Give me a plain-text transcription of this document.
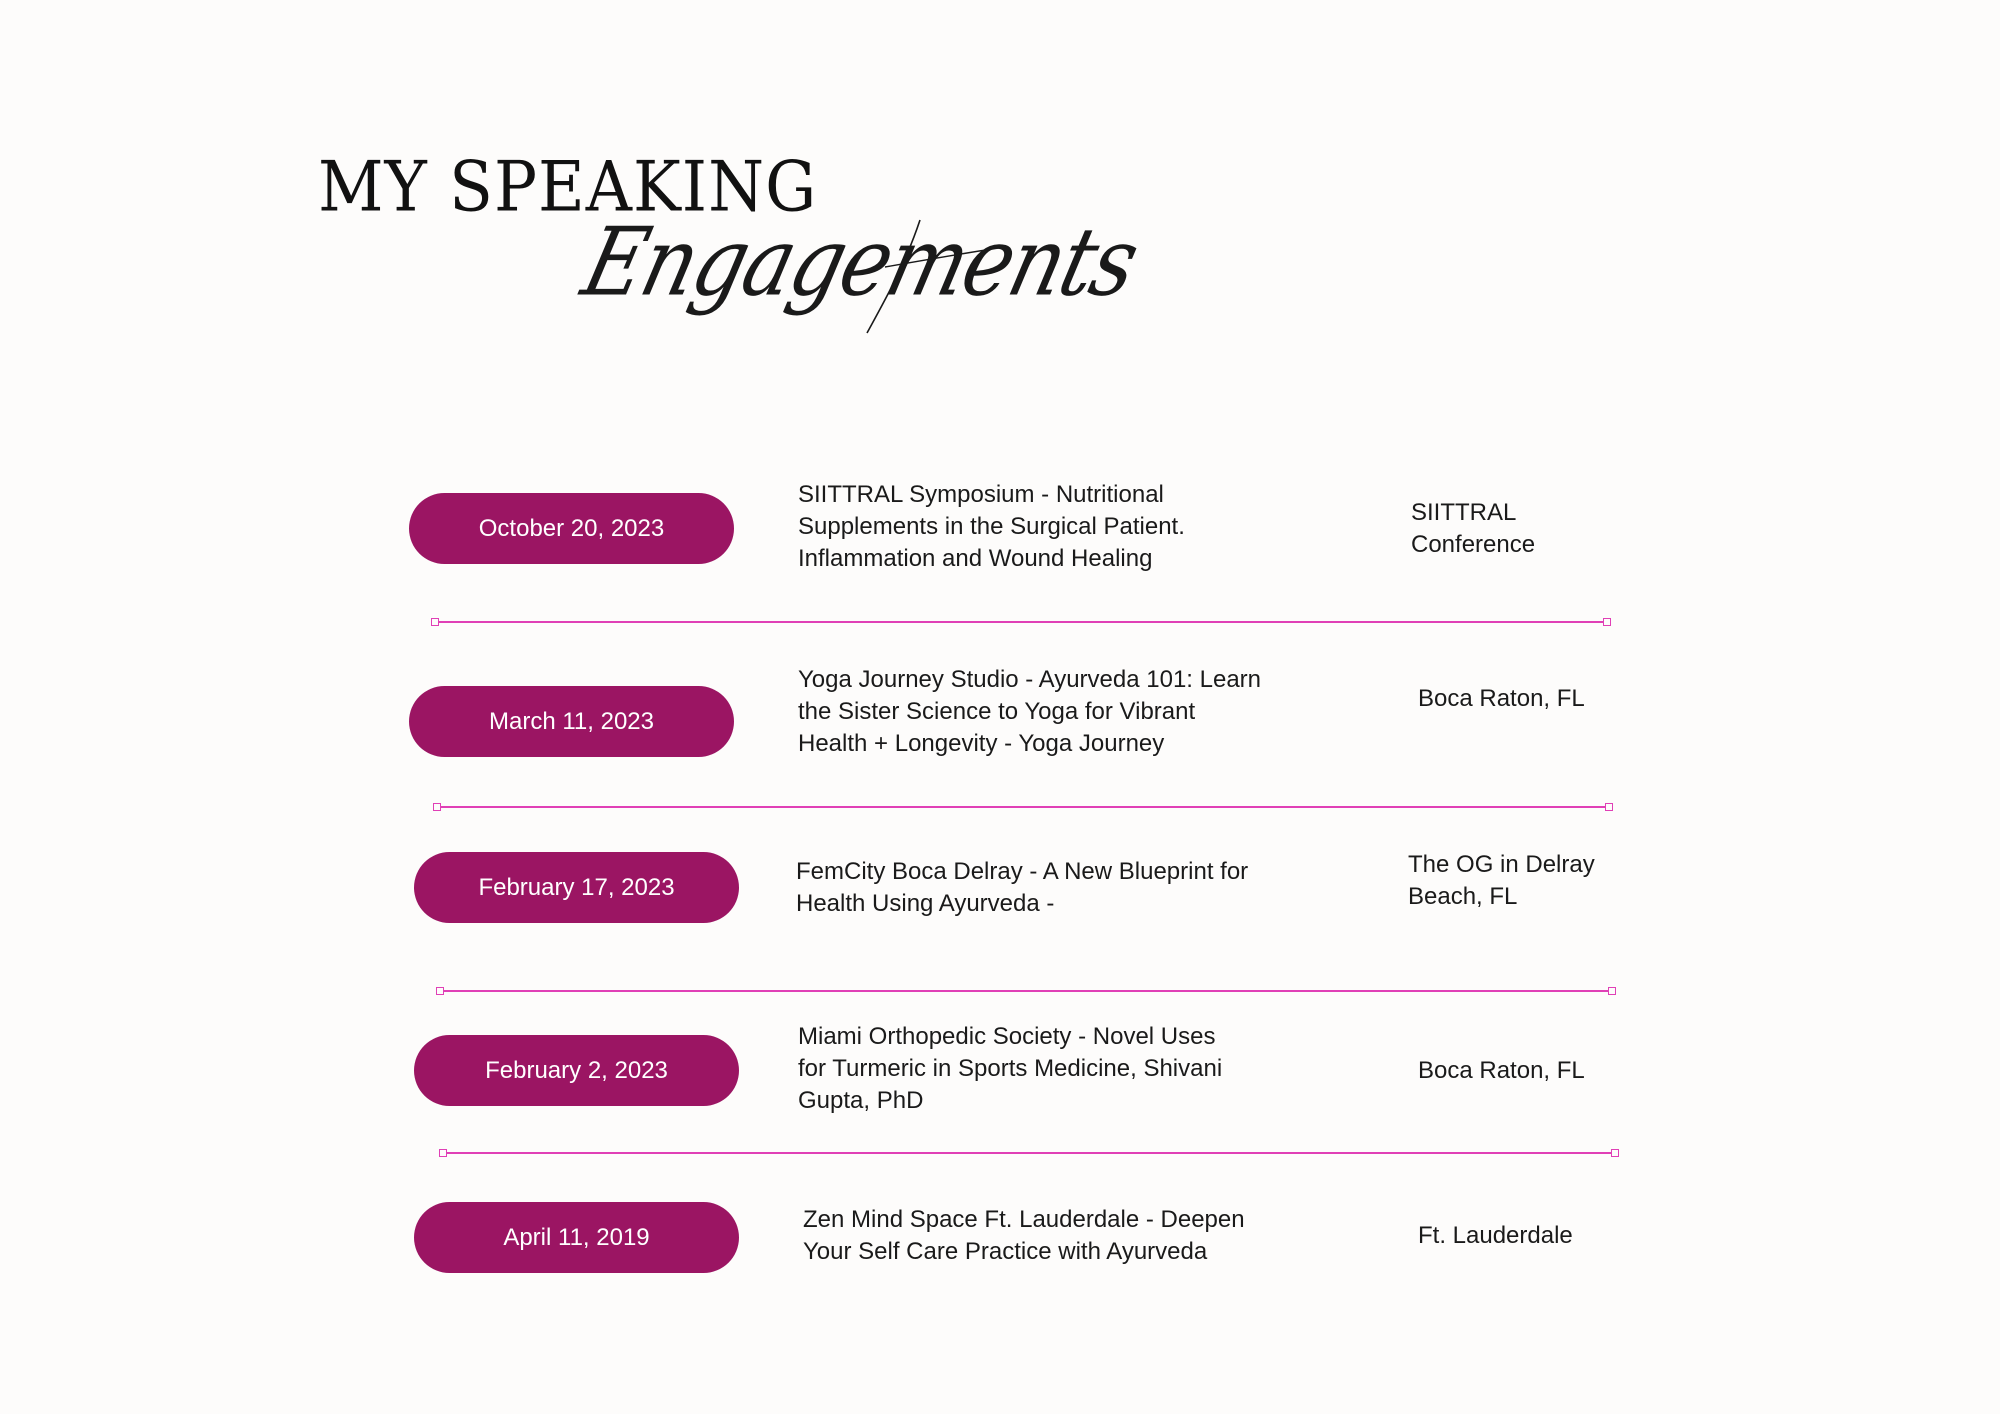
MY SPEAKING
Engagements
October 20, 2023
SIITTRAL Symposium - Nutritional
Supplements in the Surgical Patient.
Inflammation and Wound Healing
SIITTRAL
Conference
March 11, 2023
Yoga Journey Studio - Ayurveda 101: Learn
the Sister Science to Yoga for Vibrant
Health + Longevity - Yoga Journey
Boca Raton, FL
February 17, 2023
FemCity Boca Delray - A New Blueprint for
Health Using Ayurveda -
The OG in Delray
Beach, FL
February 2, 2023
Miami Orthopedic Society - Novel Uses
for Turmeric in Sports Medicine, Shivani
Gupta, PhD
Boca Raton, FL
April 11, 2019
Zen Mind Space Ft. Lauderdale - Deepen
Your Self Care Practice with Ayurveda
Ft. Lauderdale
